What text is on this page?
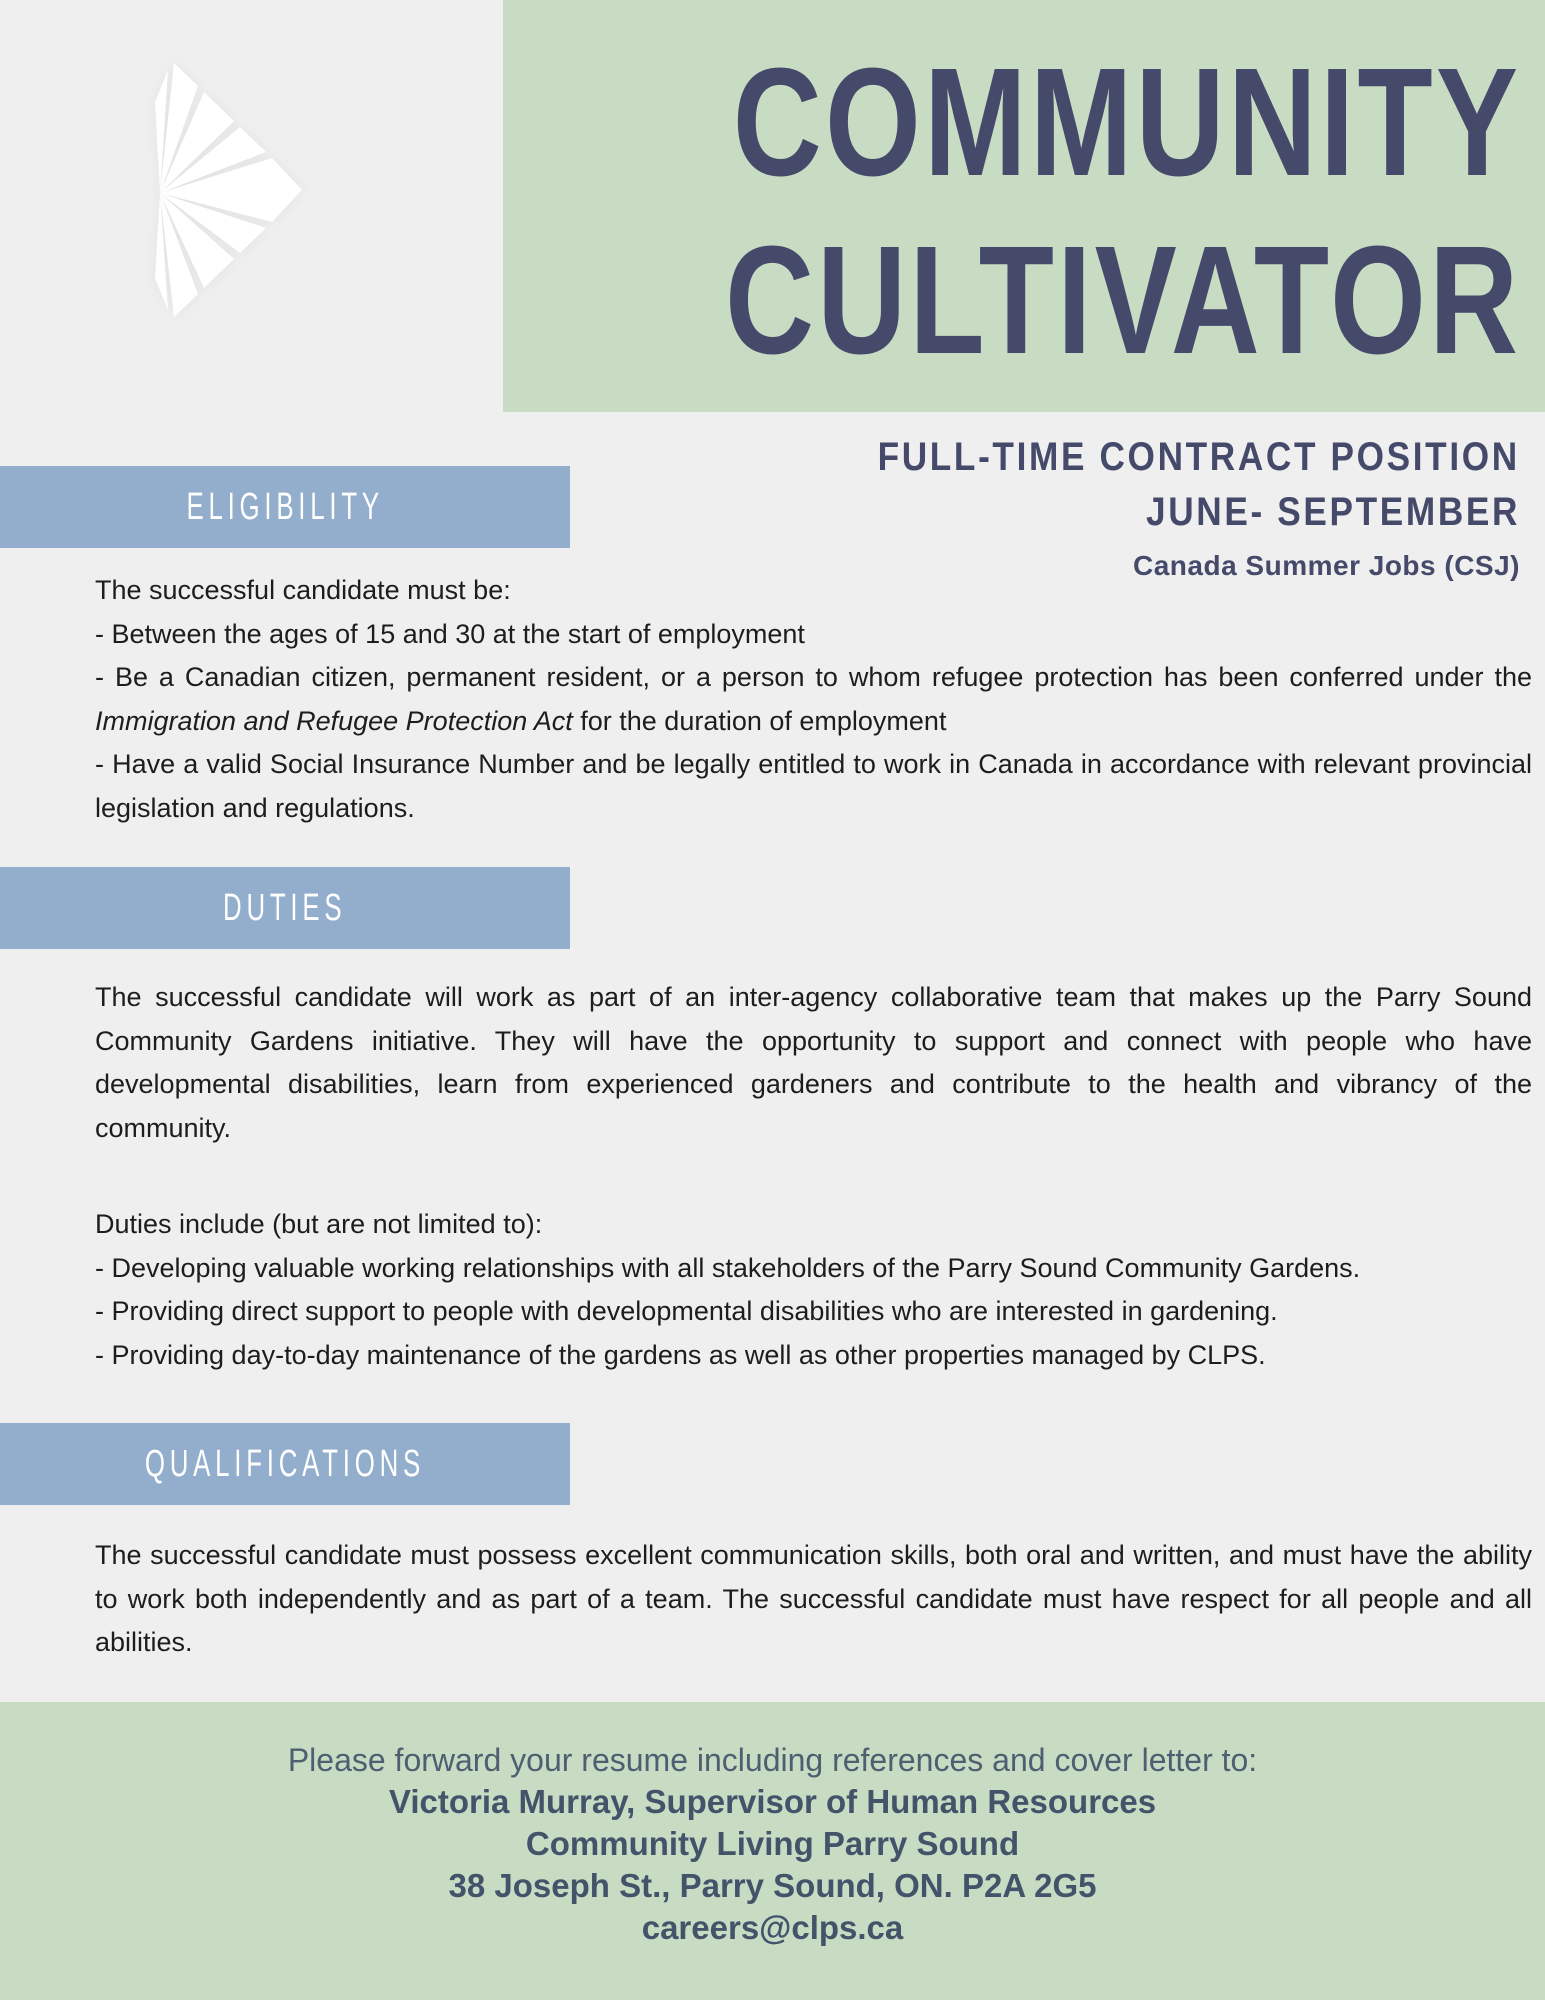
COMMUNITY
CULTIVATOR
FULL-TIME CONTRACT POSITION
JUNE- SEPTEMBER
Canada Summer Jobs (CSJ)
ELIGIBILITY

The successful candidate must be:

- Between the ages of 15 and 30 at the start of employment

- Be a Canadian citizen, permanent resident, or a person to whom refugee protection has been conferred under the Immigration and Refugee Protection Act for the duration of employment

- Have a valid Social Insurance Number and be legally entitled to work in Canada in accordance with relevant provincial legislation and regulations.

DUTIES

The successful candidate will work as part of an inter-agency collaborative team that makes up the Parry Sound Community Gardens initiative. They will have the opportunity to support and connect with people who have developmental disabilities, learn from experienced gardeners and contribute to the health and vibrancy of the community.

Duties include (but are not limited to):

- Developing valuable working relationships with all stakeholders of the Parry Sound Community Gardens.

- Providing direct support to people with developmental disabilities who are interested in gardening.

- Providing day-to-day maintenance of the gardens as well as other properties managed by CLPS.

QUALIFICATIONS

The successful candidate must possess excellent communication skills, both oral and written, and must have the ability to work both independently and as part of a team. The successful candidate must have respect for all people and all abilities.

Please forward your resume including references and cover letter to:
Victoria Murray, Supervisor of Human Resources
Community Living Parry Sound
38 Joseph St., Parry Sound, ON. P2A 2G5
careers@clps.ca
